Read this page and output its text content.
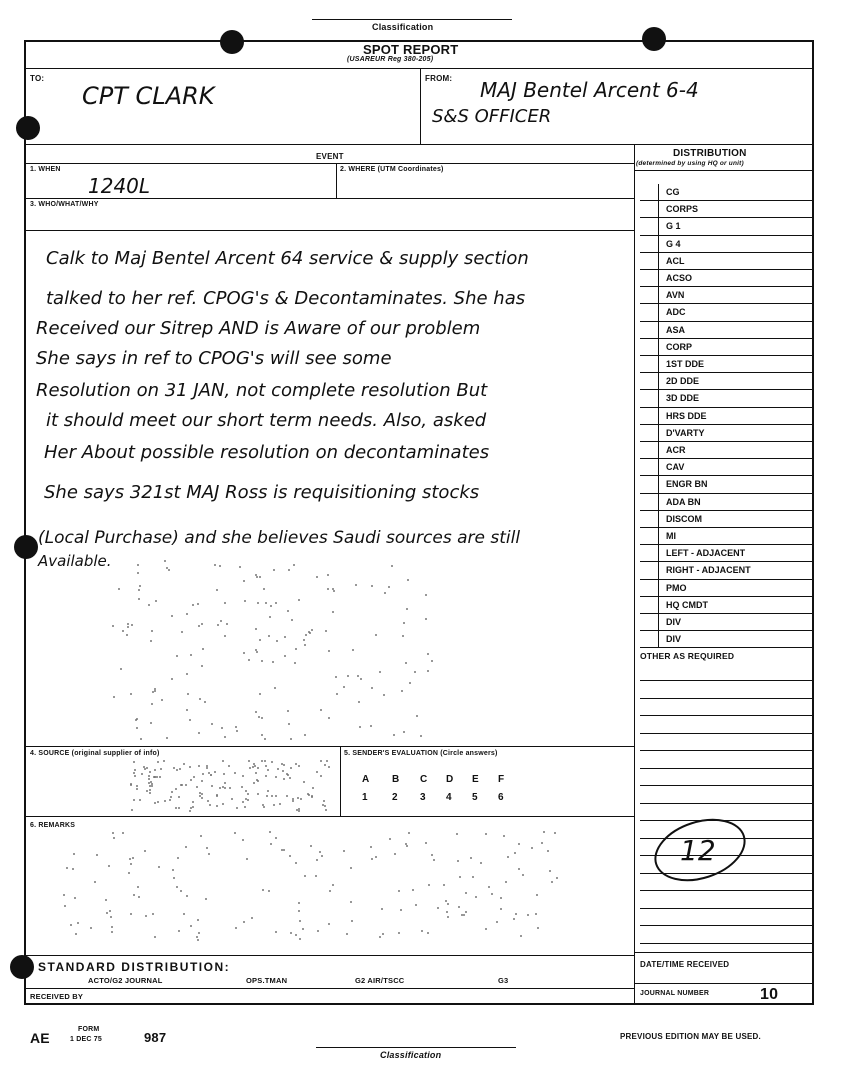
Classification
SPOT REPORT
(USAREUR Reg 380-205)
TO:
CPT CLARK
FROM: MAJ Bentel Arcent 6-4
S&S OFFICER
EVENT
1. WHEN
1240L
2. WHERE (UTM Coordinates)
3. WHO/WHAT/WHY
Calk to Maj Bentel Arcent 64 service & supply section
talked to her ref. CPOG's & Decontaminates. She has
Received our Sitrep AND is Aware of our problem
She says in ref to CPOG's will see some
Resolution on 31 JAN, not complete resolution But
it should meet our short term needs. Also, asked
Her About possible resolution on decontaminates
She says 321st MAJ Ross is requisitioning stocks
(Local Purchase) and she believes Saudi sources are still
Available.
DISTRIBUTION
(determined by using HQ or unit)
CG
CORPS
G 1
G 4
ACL
ACSO
AVN
ADC
ASA
CORP
1ST DDE
2D DDE
3D DDE
HRS DDE
D'VARTY
ACR
CAV
ENGR BN
ADA BN
DISCOM
MI
LEFT - ADJACENT
RIGHT - ADJACENT
PMO
HQ CMDT
DIV
DIV
OTHER AS REQUIRED
12
DATE/TIME RECEIVED
JOURNAL NUMBER	10
4. SOURCE (original supplier of info)	5. SENDER'S EVALUATION (Circle answers)
A B C D E F
1 2 3 4 5 6
6. REMARKS
STANDARD DISTRIBUTION:
ACTO/G2 JOURNAL	OPS.TMAN	G2 AIR/TSCC	G3
RECEIVED BY
AE
FORM
1 DEC 75	987
Classification
PREVIOUS EDITION MAY BE USED.
